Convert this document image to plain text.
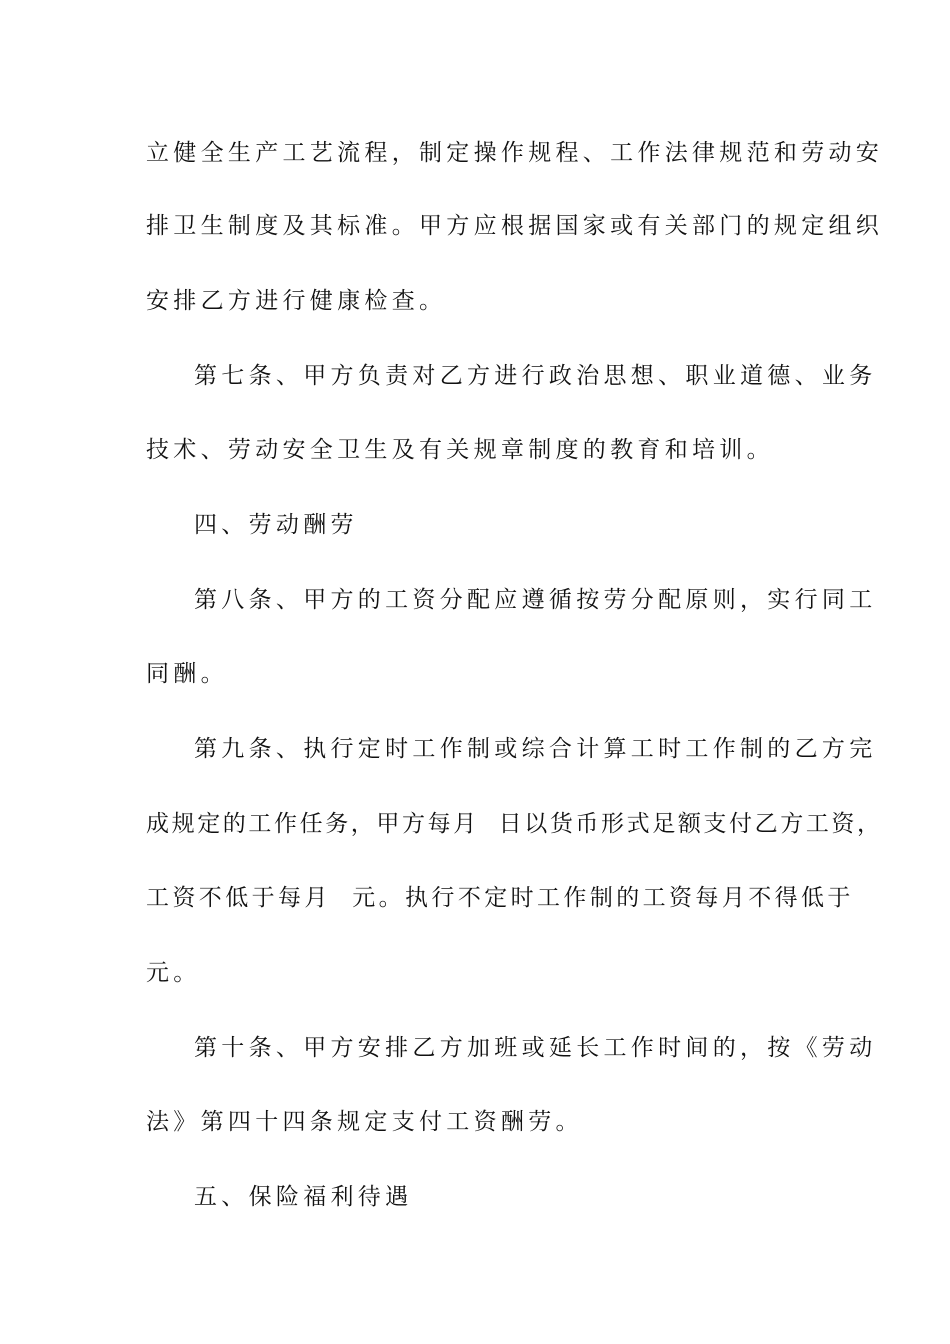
立健全生产工艺流程，制定操作规程、工作法律规范和劳动安
排卫生制度及其标准。甲方应根据国家或有关部门的规定组织
安排乙方进行健康检查。
第七条、甲方负责对乙方进行政治思想、职业道德、业务
技术、劳动安全卫生及有关规章制度的教育和培训。
四、劳动酬劳
第八条、甲方的工资分配应遵循按劳分配原则，实行同工
同酬。
第九条、执行定时工作制或综合计算工时工作制的乙方完
成规定的工作任务，甲方每月  日以货币形式足额支付乙方工资，
工资不低于每月  元。执行不定时工作制的工资每月不得低于
元。
第十条、甲方安排乙方加班或延长工作时间的，按《劳动
法》第四十四条规定支付工资酬劳。
五、保险福利待遇
